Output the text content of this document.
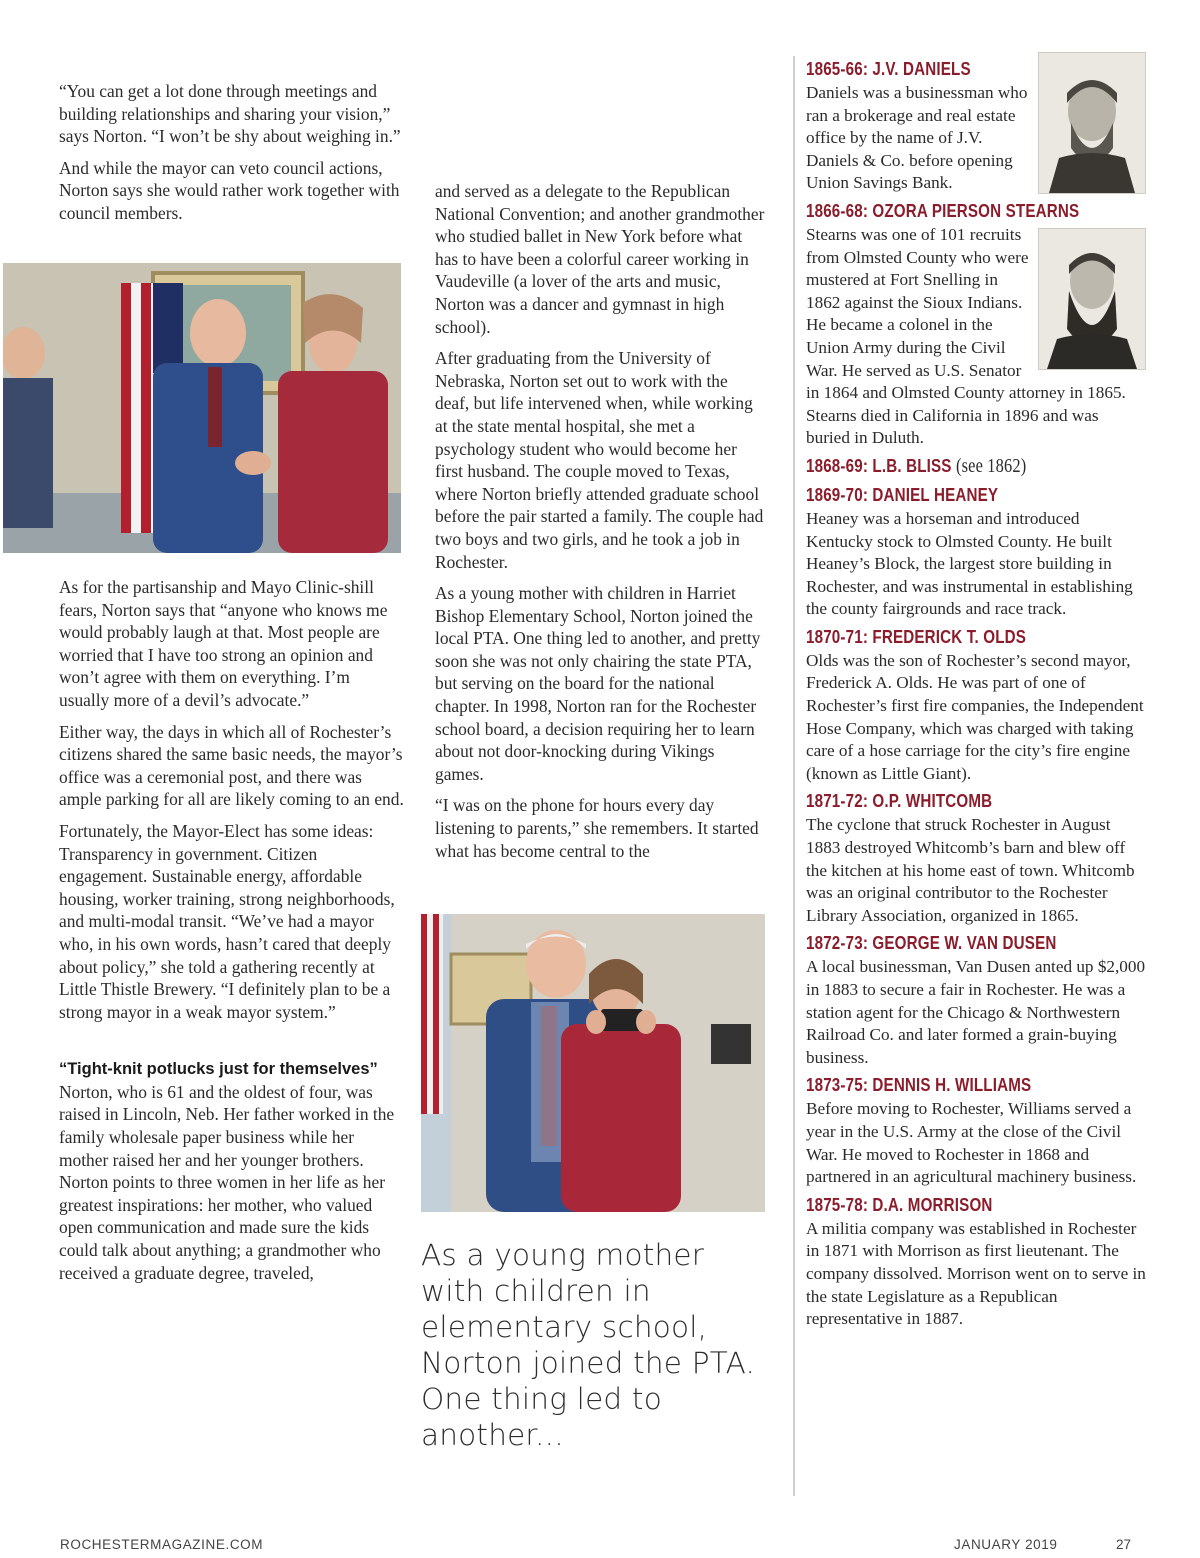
“You can get a lot done through meetings and building relationships and sharing your vision,” says Norton. “I won’t be shy about weighing in.”

And while the mayor can veto council actions, Norton says she would rather work together with council members.

As for the partisanship and Mayo Clinic-shill fears, Norton says that “anyone who knows me would probably laugh at that. Most people are worried that I have too strong an opinion and won’t agree with them on everything. I’m usually more of a devil’s advocate.”

Either way, the days in which all of Rochester’s citizens shared the same basic needs, the mayor’s office was a ceremonial post, and there was ample parking for all are likely coming to an end.

Fortunately, the Mayor-Elect has some ideas: Transparency in government. Citizen engagement. Sustainable energy, affordable housing, worker training, strong neighborhoods, and multi-modal transit. “We’ve had a mayor who, in his own words, hasn’t cared that deeply about policy,” she told a gathering recently at Little Thistle Brewery. “I definitely plan to be a strong mayor in a weak mayor system.”

“Tight-knit potlucks just for themselves” Norton, who is 61 and the oldest of four, was raised in Lincoln, Neb. Her father worked in the family wholesale paper business while her mother raised her and her younger brothers. Norton points to three women in her life as her greatest inspirations: her mother, who valued open communication and made sure the kids could talk about anything; a grandmother who received a graduate degree, traveled,

and served as a delegate to the Republican National Convention; and another grandmother who studied ballet in New York before what has to have been a colorful career working in Vaudeville (a lover of the arts and music, Norton was a dancer and gymnast in high school).

After graduating from the University of Nebraska, Norton set out to work with the deaf, but life intervened when, while working at the state mental hospital, she met a psychology student who would become her first husband. The couple moved to Texas, where Norton briefly attended graduate school before the pair started a family. The couple had two boys and two girls, and he took a job in Rochester.

As a young mother with children in Harriet Bishop Elementary School, Norton joined the local PTA. One thing led to another, and pretty soon she was not only chairing the state PTA, but serving on the board for the national chapter. In 1998, Norton ran for the Rochester school board, a decision requiring her to learn about not door-knocking during Vikings games.

“I was on the phone for hours every day listening to parents,” she remembers. It started what has become central to the

As a young mother with children in elementary school, Norton joined the PTA. One thing led to another...
1865-66: J.V. DANIELS
Daniels was a businessman who ran a brokerage and real estate office by the name of J.V. Daniels & Co. before opening Union Savings Bank.
1866-68: OZORA PIERSON STEARNS
Stearns was one of 101 recruits from Olmsted County who were mustered at Fort Snelling in 1862 against the Sioux Indians. He became a colonel in the Union Army during the Civil War. He served as U.S. Senator in 1864 and Olmsted County attorney in 1865. Stearns died in California in 1896 and was buried in Duluth.
1868-69: L.B. BLISS (see 1862)
1869-70: DANIEL HEANEY
Heaney was a horseman and introduced Kentucky stock to Olmsted County. He built Heaney’s Block, the largest store building in Rochester, and was instrumental in establishing the county fairgrounds and race track.
1870-71: FREDERICK T. OLDS
Olds was the son of Rochester’s second mayor, Frederick A. Olds. He was part of one of Rochester’s first fire companies, the Independent Hose Company, which was charged with taking care of a hose carriage for the city’s fire engine (known as Little Giant).
1871-72: O.P. WHITCOMB
The cyclone that struck Rochester in August 1883 destroyed Whitcomb’s barn and blew off the kitchen at his home east of town. Whitcomb was an original contributor to the Rochester Library Association, organized in 1865.
1872-73: GEORGE W. VAN DUSEN
A local businessman, Van Dusen anted up $2,000 in 1883 to secure a fair in Rochester. He was a station agent for the Chicago & Northwestern Railroad Co. and later formed a grain-buying business.
1873-75: DENNIS H. WILLIAMS
Before moving to Rochester, Williams served a year in the U.S. Army at the close of the Civil War. He moved to Rochester in 1868 and partnered in an agricultural machinery business.
1875-78: D.A. MORRISON
A militia company was established in Rochester in 1871 with Morrison as first lieutenant. The company dissolved. Morrison went on to serve in the state Legislature as a Republican representative in 1887.
ROCHESTERMAGAZINE.COM	JANUARY 2019	27
